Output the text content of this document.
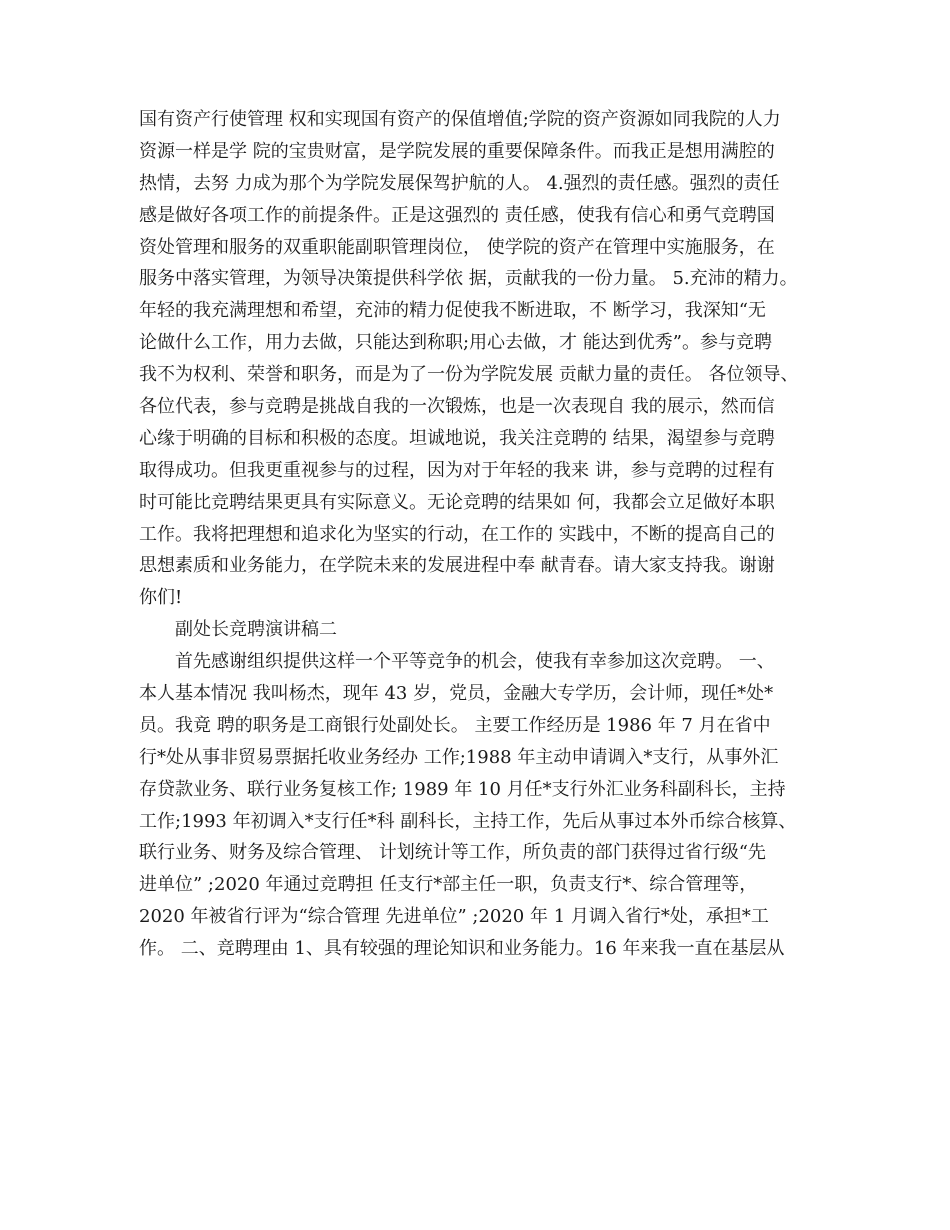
国有资产行使管理 权和实现国有资产的保值增值;学院的资产资源如同我院的人力
资源一样是学 院的宝贵财富，是学院发展的重要保障条件。而我正是想用满腔的
热情，去努 力成为那个为学院发展保驾护航的人。 4.强烈的责任感。强烈的责任
感是做好各项工作的前提条件。正是这强烈的 责任感，使我有信心和勇气竞聘国
资处管理和服务的双重职能副职管理岗位， 使学院的资产在管理中实施服务，在
服务中落实管理，为领导决策提供科学依 据，贡献我的一份力量。 5.充沛的精力。
年轻的我充满理想和希望，充沛的精力促使我不断进取，不 断学习，我深知“无
论做什么工作，用力去做，只能达到称职;用心去做，才 能达到优秀”。参与竞聘
我不为权利、荣誉和职务，而是为了一份为学院发展 贡献力量的责任。 各位领导、
各位代表，参与竞聘是挑战自我的一次锻炼，也是一次表现自 我的展示，然而信
心缘于明确的目标和积极的态度。坦诚地说，我关注竞聘的 结果，渴望参与竞聘
取得成功。但我更重视参与的过程，因为对于年轻的我来 讲，参与竞聘的过程有
时可能比竞聘结果更具有实际意义。无论竞聘的结果如 何，我都会立足做好本职
工作。我将把理想和追求化为坚实的行动，在工作的 实践中，不断的提高自己的
思想素质和业务能力，在学院未来的发展进程中奉 献青春。请大家支持我。谢谢
你们!
副处长竞聘演讲稿二
首先感谢组织提供这样一个平等竞争的机会，使我有幸参加这次竞聘。 一、
本人基本情况 我叫杨杰，现年 43 岁，党员，金融大专学历，会计师，现任*处*
员。我竟 聘的职务是工商银行处副处长。 主要工作经历是 1986 年 7 月在省中
行*处从事非贸易票据托收业务经办 工作;1988 年主动申请调入*支行，从事外汇
存贷款业务、联行业务复核工作; 1989 年 10 月任*支行外汇业务科副科长，主持
工作;1993 年初调入*支行任*科 副科长，主持工作，先后从事过本外币综合核算、
联行业务、财务及综合管理、 计划统计等工作，所负责的部门获得过省行级“先
进单位” ;2020 年通过竞聘担 任支行*部主任一职，负责支行*、综合管理等，
2020 年被省行评为“综合管理 先进单位” ;2020 年 1 月调入省行*处，承担*工
作。 二、竞聘理由 1、具有较强的理论知识和业务能力。16 年来我一直在基层从
